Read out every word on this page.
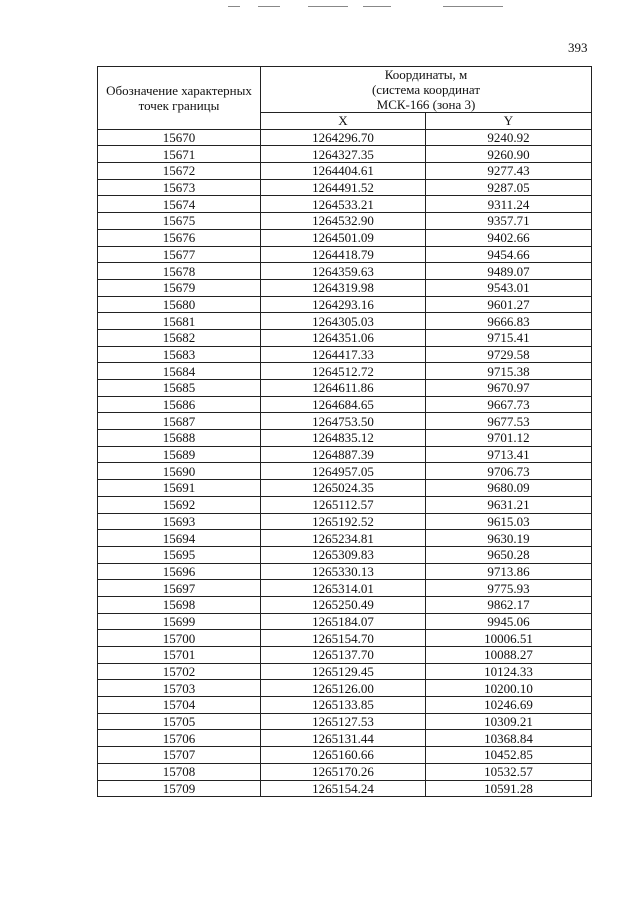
393
Обозначение характерных точек границы	Координаты, м
(система координат
МСК-166 (зона 3)	

	X	Y
15670	1264296.70	9240.92
15671	1264327.35	9260.90
15672	1264404.61	9277.43
15673	1264491.52	9287.05
15674	1264533.21	9311.24
15675	1264532.90	9357.71
15676	1264501.09	9402.66
15677	1264418.79	9454.66
15678	1264359.63	9489.07
15679	1264319.98	9543.01
15680	1264293.16	9601.27
15681	1264305.03	9666.83
15682	1264351.06	9715.41
15683	1264417.33	9729.58
15684	1264512.72	9715.38
15685	1264611.86	9670.97
15686	1264684.65	9667.73
15687	1264753.50	9677.53
15688	1264835.12	9701.12
15689	1264887.39	9713.41
15690	1264957.05	9706.73
15691	1265024.35	9680.09
15692	1265112.57	9631.21
15693	1265192.52	9615.03
15694	1265234.81	9630.19
15695	1265309.83	9650.28
15696	1265330.13	9713.86
15697	1265314.01	9775.93
15698	1265250.49	9862.17
15699	1265184.07	9945.06
15700	1265154.70	10006.51
15701	1265137.70	10088.27
15702	1265129.45	10124.33
15703	1265126.00	10200.10
15704	1265133.85	10246.69
15705	1265127.53	10309.21
15706	1265131.44	10368.84
15707	1265160.66	10452.85
15708	1265170.26	10532.57
15709	1265154.24	10591.28
